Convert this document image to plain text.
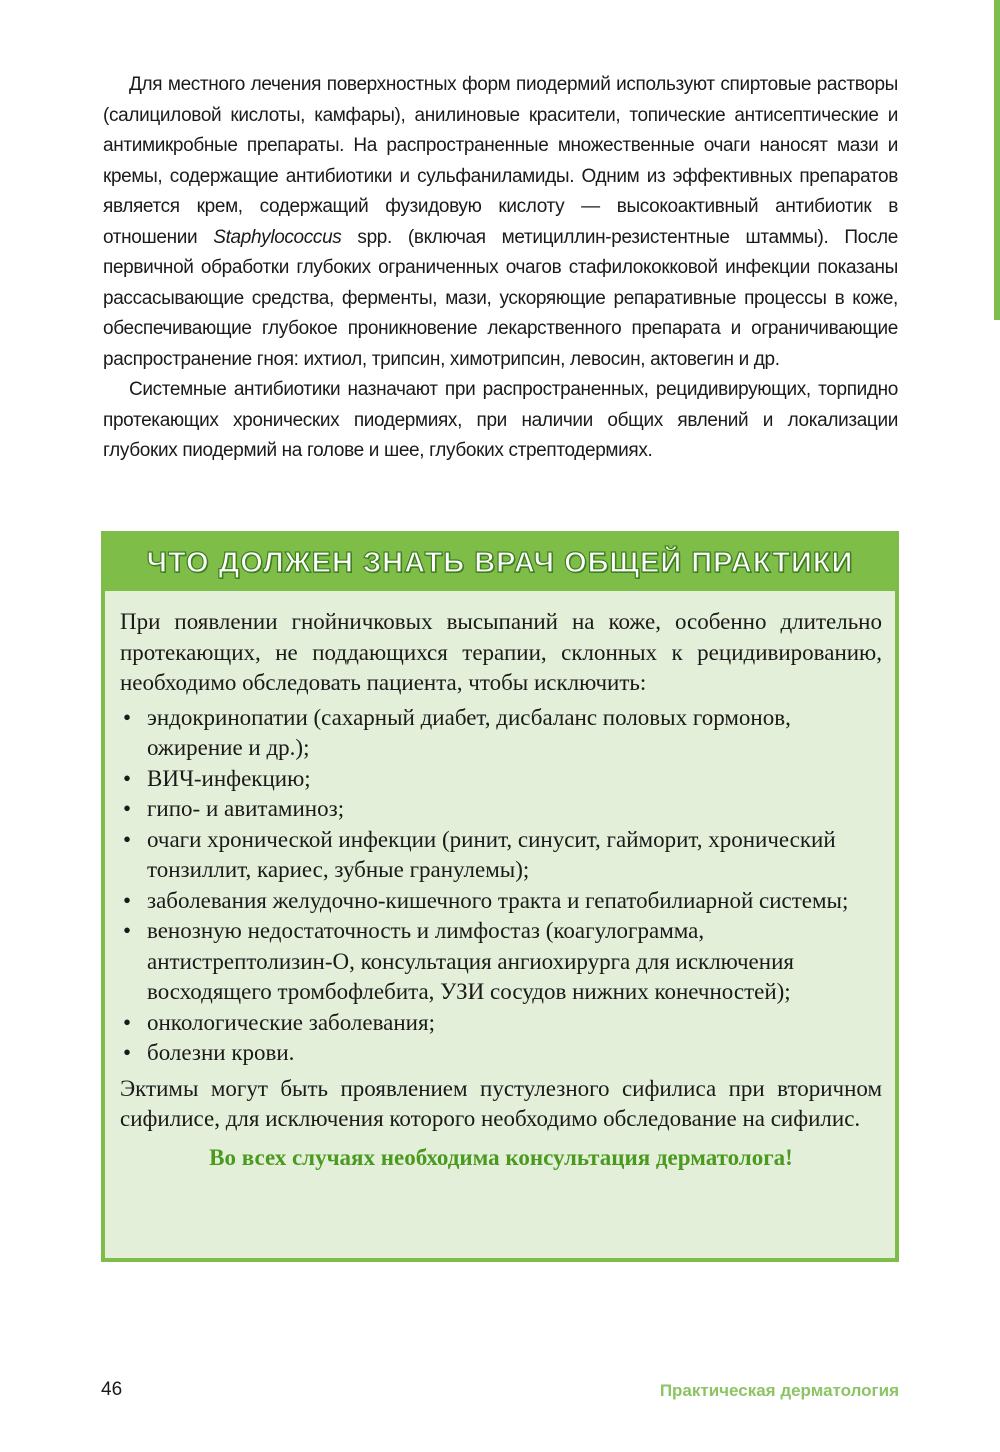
Для местного лечения поверхностных форм пиодермий используют спиртовые растворы (салициловой кислоты, камфары), анилиновые красители, топические антисептические и антимикробные препараты. На распространенные множественные очаги наносят мази и кремы, содержащие антибиотики и сульфаниламиды. Одним из эффективных препаратов является крем, содержащий фузидовую кислоту — высокоактивный антибиотик в отношении Staphylococcus spp. (включая метициллин-резистентные штаммы). После первичной обработки глубоких ограниченных очагов стафилококковой инфекции показаны рассасывающие средства, ферменты, мази, ускоряющие репаративные процессы в коже, обеспечивающие глубокое проникновение лекарственного препарата и ограничивающие распространение гноя: ихтиол, трипсин, химотрипсин, левосин, актовегин и др.

Системные антибиотики назначают при распространенных, рецидивирующих, торпидно протекающих хронических пиодермиях, при наличии общих явлений и локализации глубоких пиодермий на голове и шее, глубоких стрептодермиях.

ЧТО ДОЛЖЕН ЗНАТЬ ВРАЧ ОБЩЕЙ ПРАКТИКИ

При появлении гнойничковых высыпаний на коже, особенно длительно протекающих, не поддающихся терапии, склонных к рецидивированию, необходимо обследовать пациента, чтобы исключить:

• эндокринопатии (сахарный диабет, дисбаланс половых гормонов, ожирение и др.);
• ВИЧ-инфекцию;
• гипо- и авитаминоз;
• очаги хронической инфекции (ринит, синусит, гайморит, хронический тонзиллит, кариес, зубные гранулемы);
• заболевания желудочно-кишечного тракта и гепатобилиарной системы;
• венозную недостаточность и лимфостаз (коагулограмма, антистрептолизин-О, консультация ангиохирурга для исключения восходящего тромбофлебита, УЗИ сосудов нижних конечностей);
• онкологические заболевания;
• болезни крови.

Эктимы могут быть проявлением пустулезного сифилиса при вторичном сифилисе, для исключения которого необходимо обследование на сифилис.

Во всех случаях необходима консультация дерматолога!
46	Практическая дерматология
